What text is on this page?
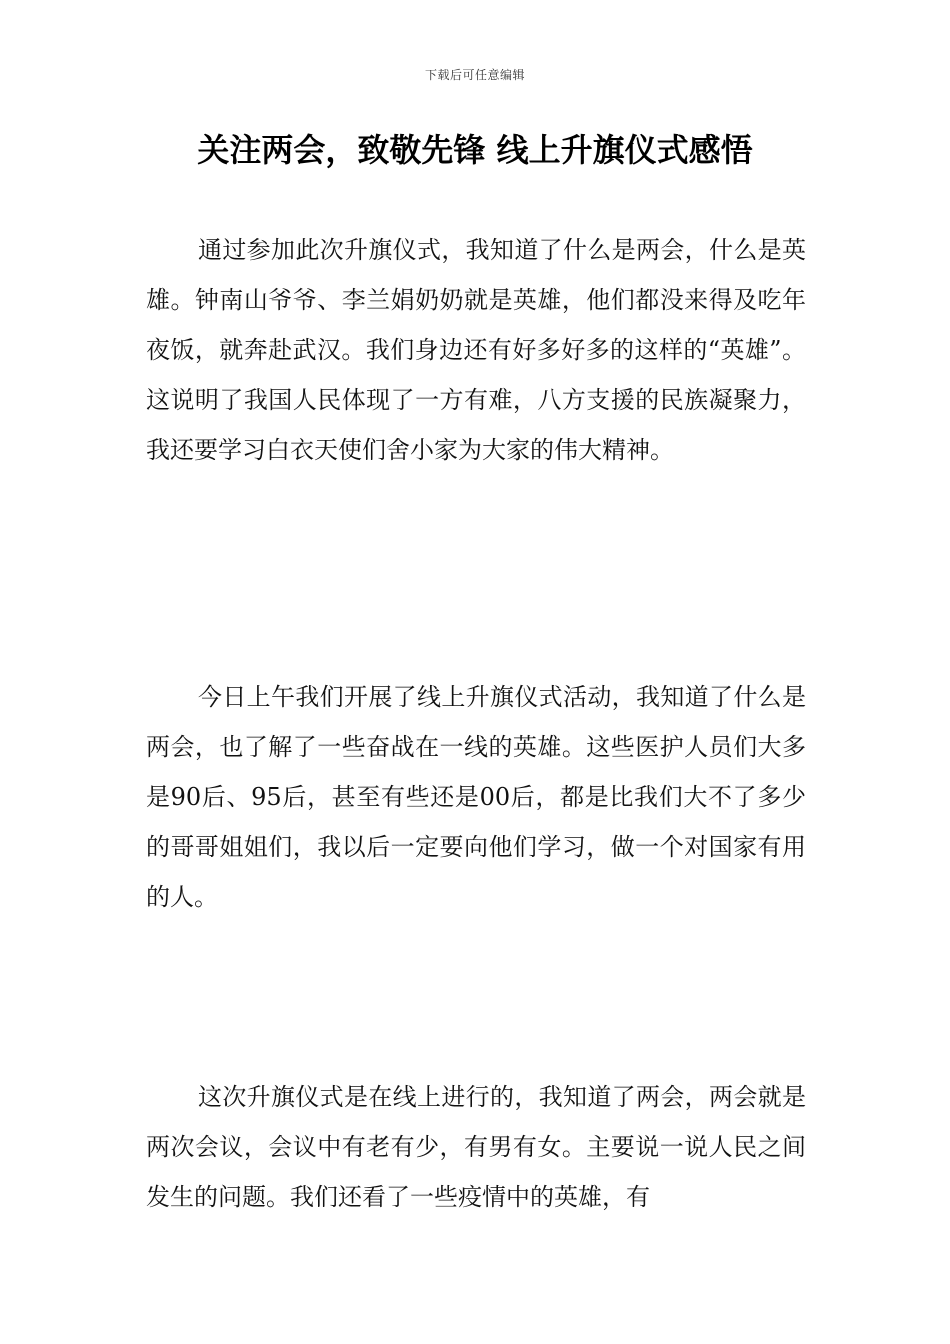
下载后可任意编辑
关注两会，致敬先锋 线上升旗仪式感悟

通过参加此次升旗仪式，我知道了什么是两会，什么是英雄。钟南山爷爷、李兰娟奶奶就是英雄，他们都没来得及吃年夜饭，就奔赴武汉。我们身边还有好多好多的这样的“英雄”。这说明了我国人民体现了一方有难，八方支援的民族凝聚力，我还要学习白衣天使们舍小家为大家的伟大精神。

今日上午我们开展了线上升旗仪式活动，我知道了什么是两会，也了解了一些奋战在一线的英雄。这些医护人员们大多是90后、95后，甚至有些还是00后，都是比我们大不了多少的哥哥姐姐们，我以后一定要向他们学习，做一个对国家有用的人。

这次升旗仪式是在线上进行的，我知道了两会，两会就是两次会议，会议中有老有少，有男有女。主要说一说人民之间发生的问题。我们还看了一些疫情中的英雄，有
